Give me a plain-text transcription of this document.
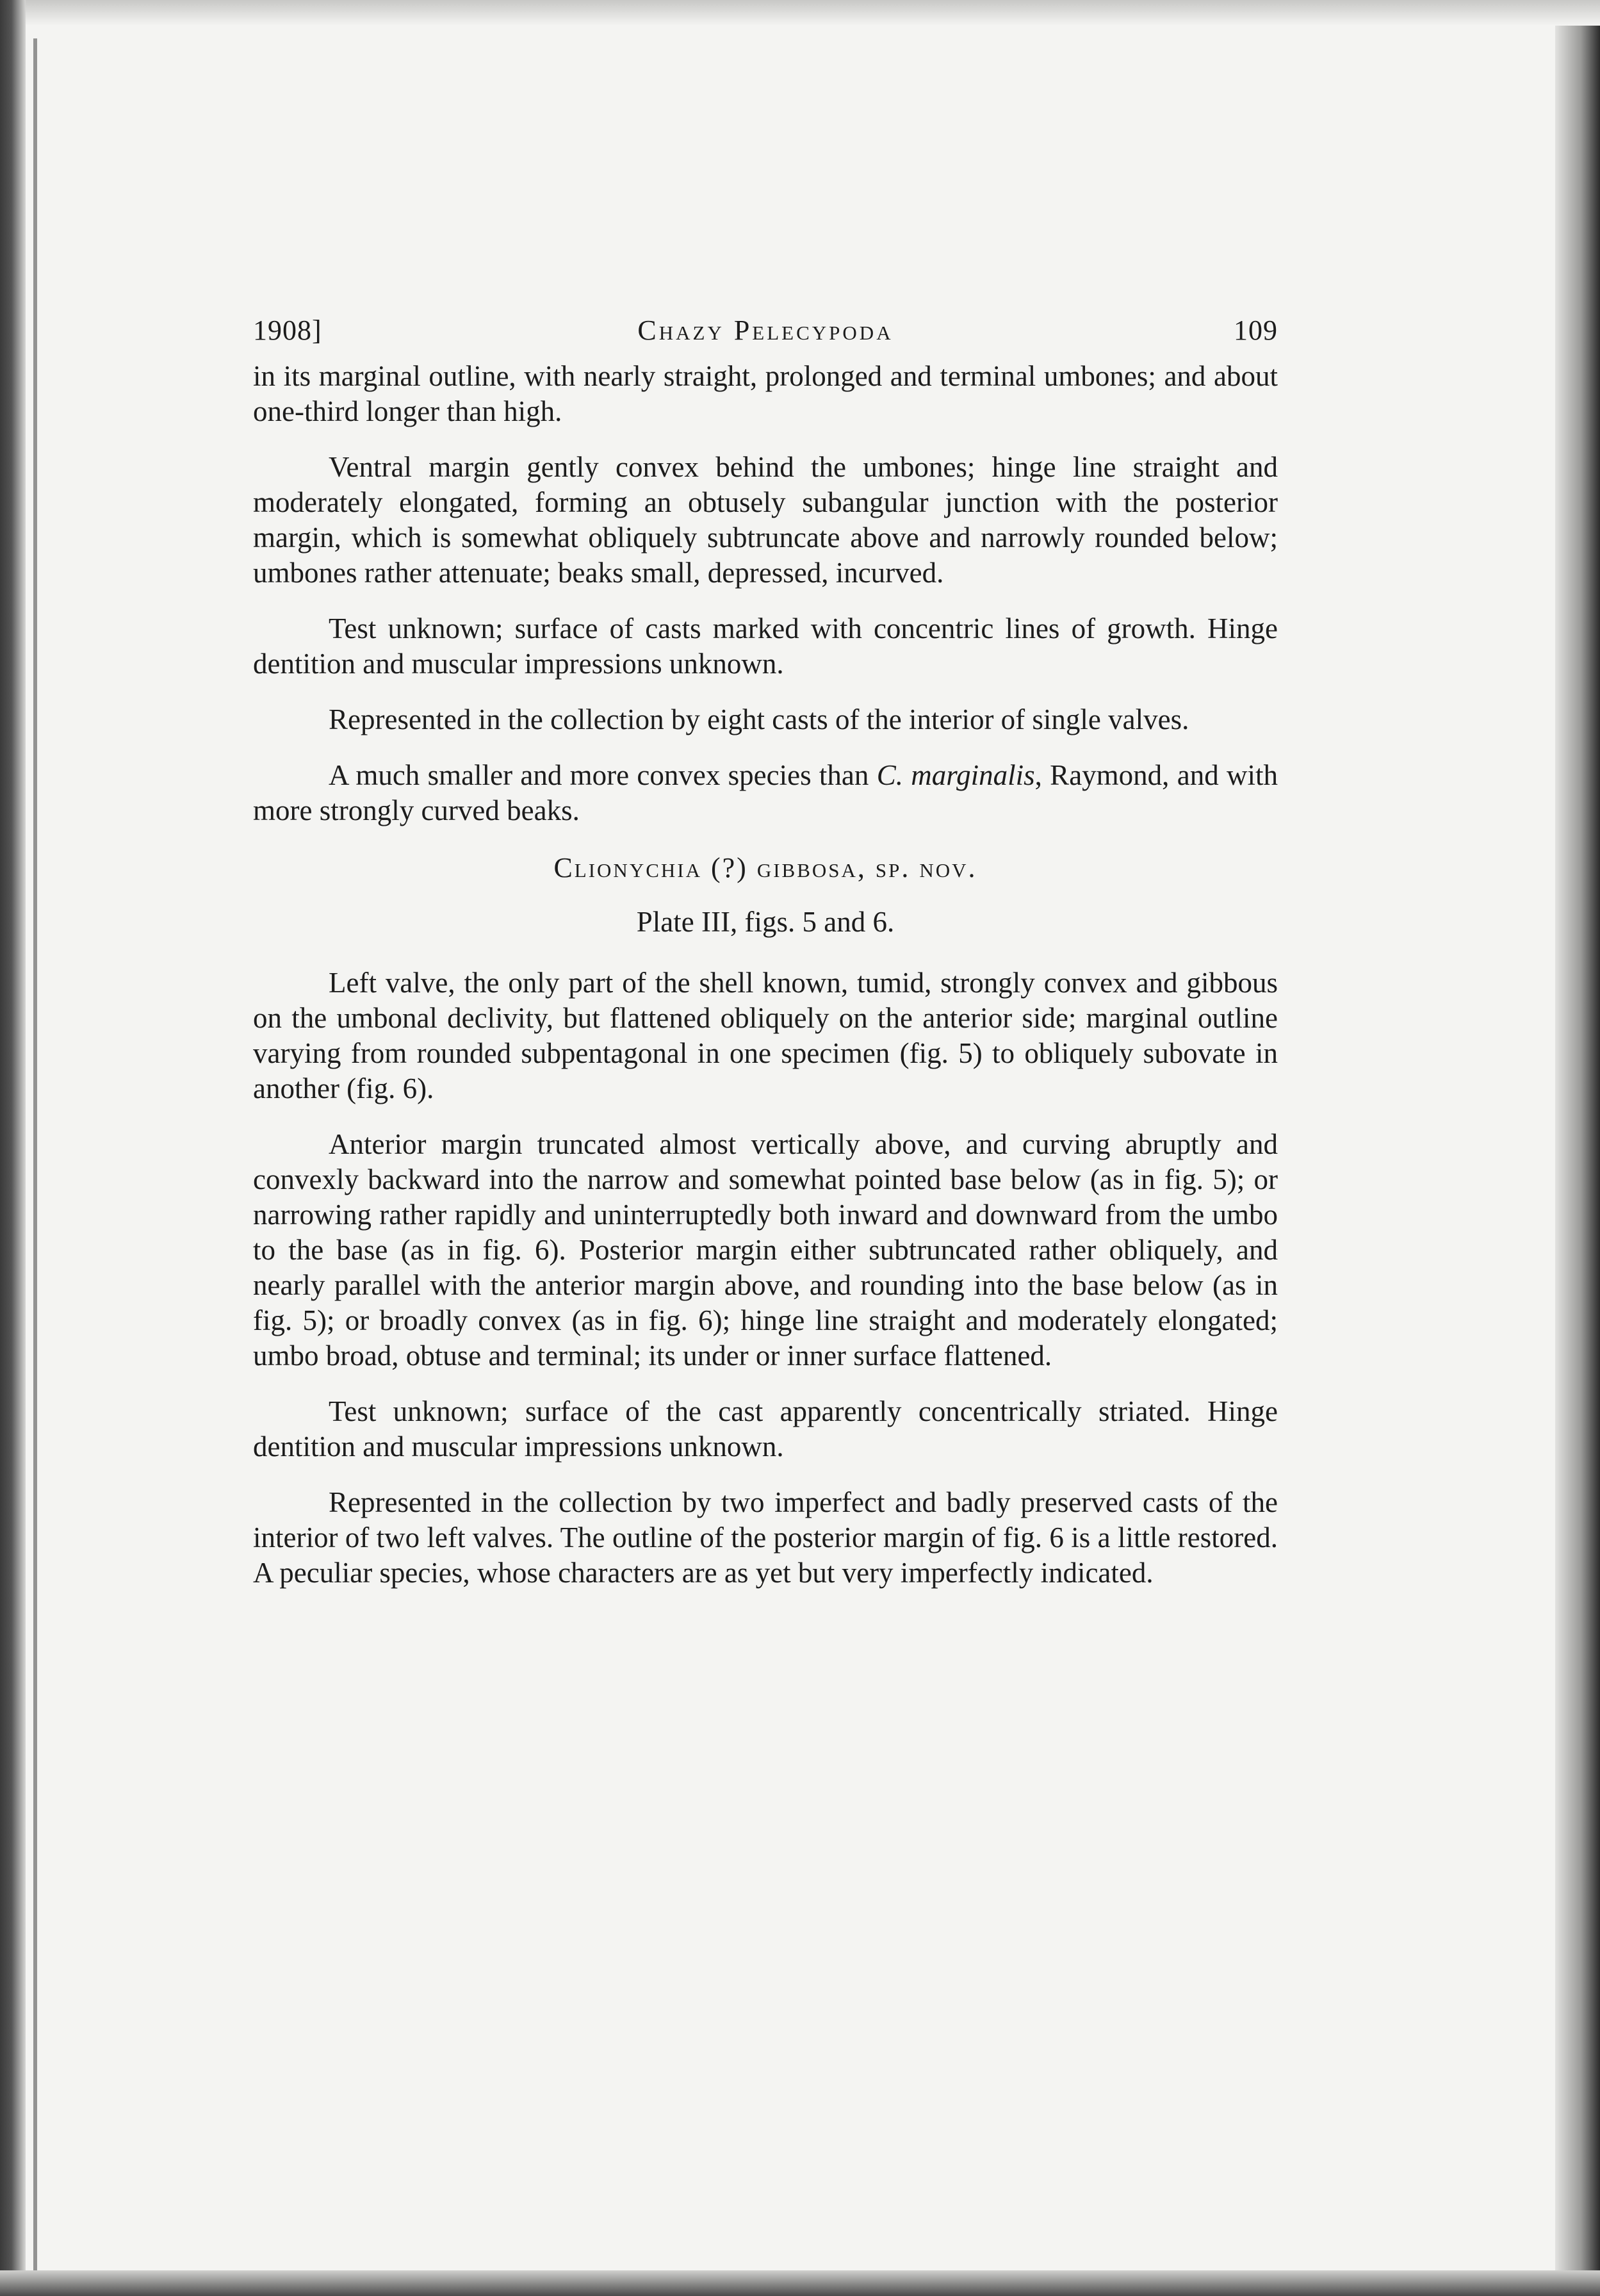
1908]	Chazy Pelecypoda	109

in its marginal outline, with nearly straight, prolonged and terminal umbones; and about one-third longer than high.

Ventral margin gently convex behind the umbones; hinge line straight and moderately elongated, forming an obtusely subangular junction with the posterior margin, which is somewhat obliquely subtruncate above and narrowly rounded below; umbones rather attenuate; beaks small, depressed, incurved.

Test unknown; surface of casts marked with concentric lines of growth. Hinge dentition and muscular impressions unknown.

Represented in the collection by eight casts of the interior of single valves.

A much smaller and more convex species than C. marginalis, Raymond, and with more strongly curved beaks.

Clionychia (?) gibbosa, sp. nov.
Plate III, figs. 5 and 6.

Left valve, the only part of the shell known, tumid, strongly convex and gibbous on the umbonal declivity, but flattened obliquely on the anterior side; marginal outline varying from rounded subpentagonal in one specimen (fig. 5) to obliquely subovate in another (fig. 6).

Anterior margin truncated almost vertically above, and curving abruptly and convexly backward into the narrow and somewhat pointed base below (as in fig. 5); or narrowing rather rapidly and uninterruptedly both inward and downward from the umbo to the base (as in fig. 6). Posterior margin either subtruncated rather obliquely, and nearly parallel with the anterior margin above, and rounding into the base below (as in fig. 5); or broadly convex (as in fig. 6); hinge line straight and moderately elongated; umbo broad, obtuse and terminal; its under or inner surface flattened.

Test unknown; surface of the cast apparently concentrically striated. Hinge dentition and muscular impressions unknown.

Represented in the collection by two imperfect and badly preserved casts of the interior of two left valves. The outline of the posterior margin of fig. 6 is a little restored. A peculiar species, whose characters are as yet but very imperfectly indicated.
